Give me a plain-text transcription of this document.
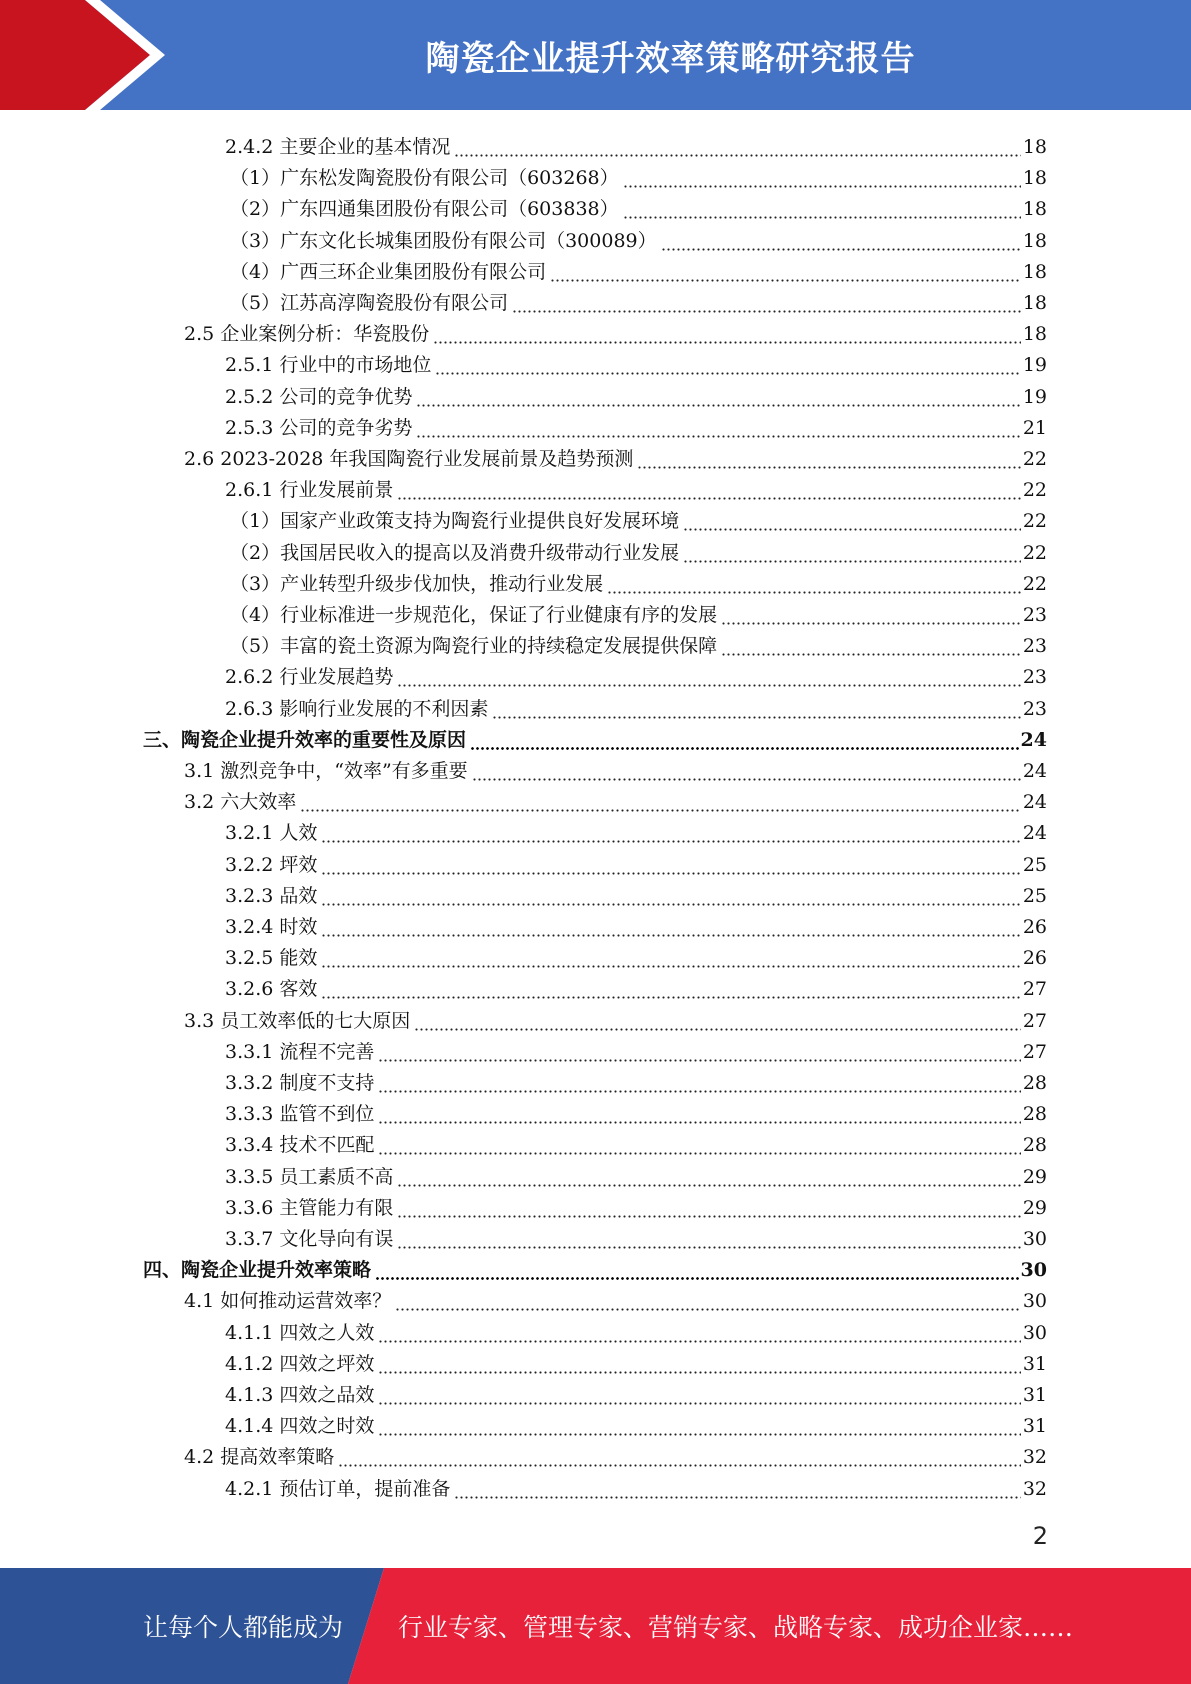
陶瓷企业提升效率策略研究报告
2.4.2 主要企业的基本情况	18
（1）广东松发陶瓷股份有限公司（603268）	18
（2）广东四通集团股份有限公司（603838）	18
（3）广东文化长城集团股份有限公司（300089）	18
（4）广西三环企业集团股份有限公司	18
（5）江苏高淳陶瓷股份有限公司	18
2.5 企业案例分析：华瓷股份	18
2.5.1 行业中的市场地位	19
2.5.2 公司的竞争优势	19
2.5.3 公司的竞争劣势	21
2.6 2023-2028 年我国陶瓷行业发展前景及趋势预测	22
2.6.1 行业发展前景	22
（1）国家产业政策支持为陶瓷行业提供良好发展环境	22
（2）我国居民收入的提高以及消费升级带动行业发展	22
（3）产业转型升级步伐加快，推动行业发展	22
（4）行业标准进一步规范化，保证了行业健康有序的发展	23
（5）丰富的瓷土资源为陶瓷行业的持续稳定发展提供保障	23
2.6.2 行业发展趋势	23
2.6.3 影响行业发展的不利因素	23
三、陶瓷企业提升效率的重要性及原因	24
3.1 激烈竞争中，“效率”有多重要	24
3.2 六大效率	24
3.2.1 人效	24
3.2.2 坪效	25
3.2.3 品效	25
3.2.4 时效	26
3.2.5 能效	26
3.2.6 客效	27
3.3 员工效率低的七大原因	27
3.3.1 流程不完善	27
3.3.2 制度不支持	28
3.3.3 监管不到位	28
3.3.4 技术不匹配	28
3.3.5 员工素质不高	29
3.3.6 主管能力有限	29
3.3.7 文化导向有误	30
四、陶瓷企业提升效率策略	30
4.1 如何推动运营效率？	30
4.1.1 四效之人效	30
4.1.2 四效之坪效	31
4.1.3 四效之品效	31
4.1.4 四效之时效	31
4.2 提高效率策略	32
4.2.1 预估订单，提前准备	32
2
让每个人都能成为 行业专家、管理专家、营销专家、战略专家、成功企业家……
